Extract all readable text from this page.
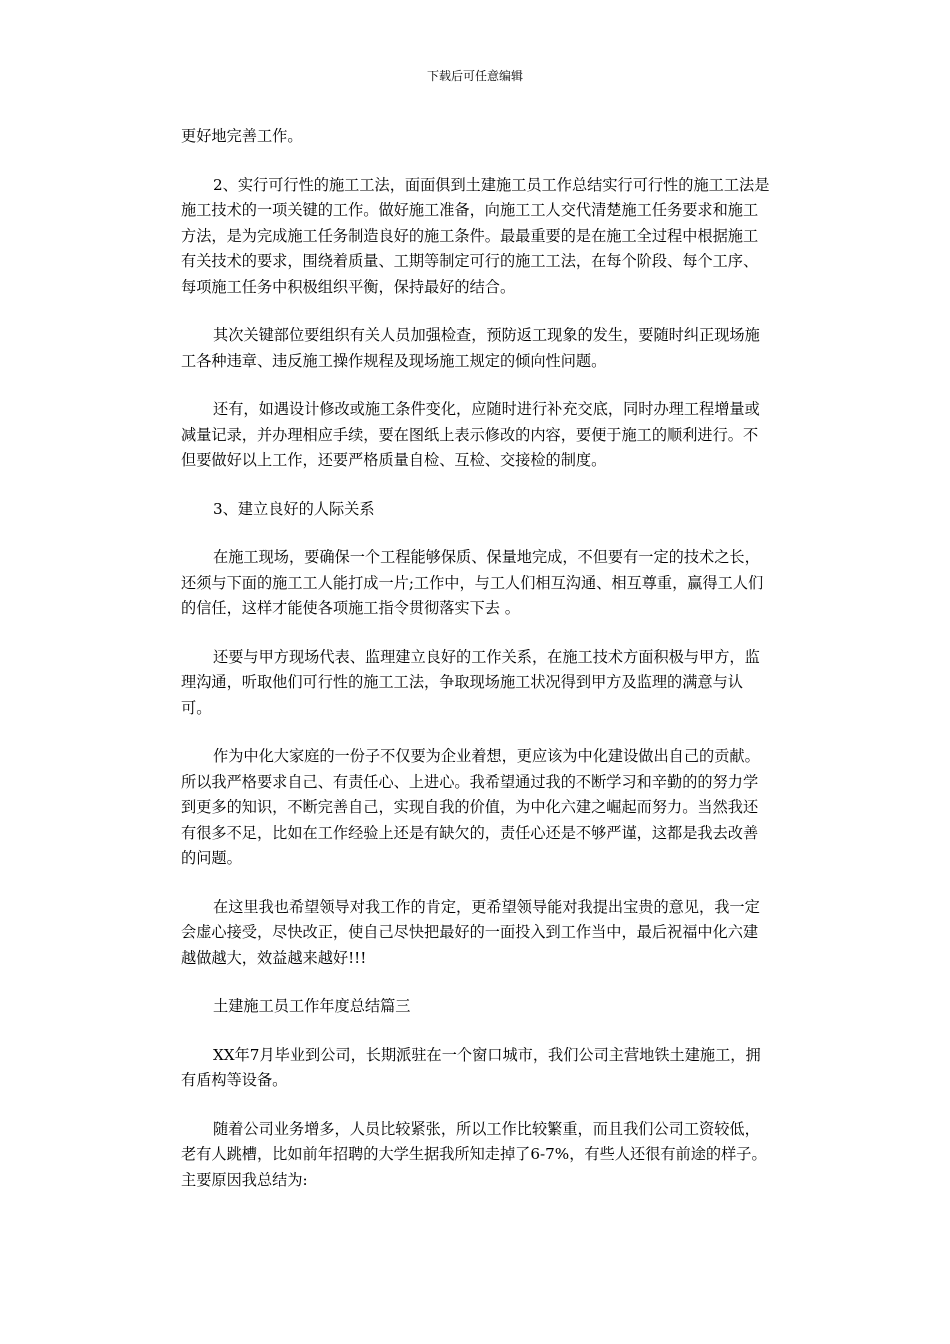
下载后可任意编辑

更好地完善工作。

2、实行可行性的施工工法，面面俱到土建施工员工作总结实行可行性的施工工法是施工技术的一项关键的工作。做好施工准备，向施工工人交代清楚施工任务要求和施工方法，是为完成施工任务制造良好的施工条件。最最重要的是在施工全过程中根据施工有关技术的要求，围绕着质量、工期等制定可行的施工工法，在每个阶段、每个工序、每项施工任务中积极组织平衡，保持最好的结合。

其次关键部位要组织有关人员加强检查，预防返工现象的发生，要随时纠正现场施工各种违章、违反施工操作规程及现场施工规定的倾向性问题。

还有，如遇设计修改或施工条件变化，应随时进行补充交底，同时办理工程增量或减量记录，并办理相应手续，要在图纸上表示修改的内容，要便于施工的顺利进行。不但要做好以上工作，还要严格质量自检、互检、交接检的制度。

3、建立良好的人际关系

在施工现场，要确保一个工程能够保质、保量地完成，不但要有一定的技术之长，还须与下面的施工工人能打成一片;工作中，与工人们相互沟通、相互尊重，赢得工人们的信任，这样才能使各项施工指令贯彻落实下去 。

还要与甲方现场代表、监理建立良好的工作关系，在施工技术方面积极与甲方，监理沟通，听取他们可行性的施工工法，争取现场施工状况得到甲方及监理的满意与认可。

作为中化大家庭的一份子不仅要为企业着想，更应该为中化建设做出自己的贡献。所以我严格要求自己、有责任心、上进心。我希望通过我的不断学习和辛勤的的努力学到更多的知识，不断完善自己，实现自我的价值，为中化六建之崛起而努力。当然我还有很多不足，比如在工作经验上还是有缺欠的，责任心还是不够严谨，这都是我去改善的问题。

在这里我也希望领导对我工作的肯定，更希望领导能对我提出宝贵的意见，我一定会虚心接受，尽快改正，使自己尽快把最好的一面投入到工作当中，最后祝福中化六建越做越大，效益越来越好!!!

土建施工员工作年度总结篇三

XX年7月毕业到公司，长期派驻在一个窗口城市，我们公司主营地铁土建施工，拥有盾构等设备。

随着公司业务增多，人员比较紧张，所以工作比较繁重，而且我们公司工资较低，老有人跳槽，比如前年招聘的大学生据我所知走掉了6-7%，有些人还很有前途的样子。主要原因我总结为:
